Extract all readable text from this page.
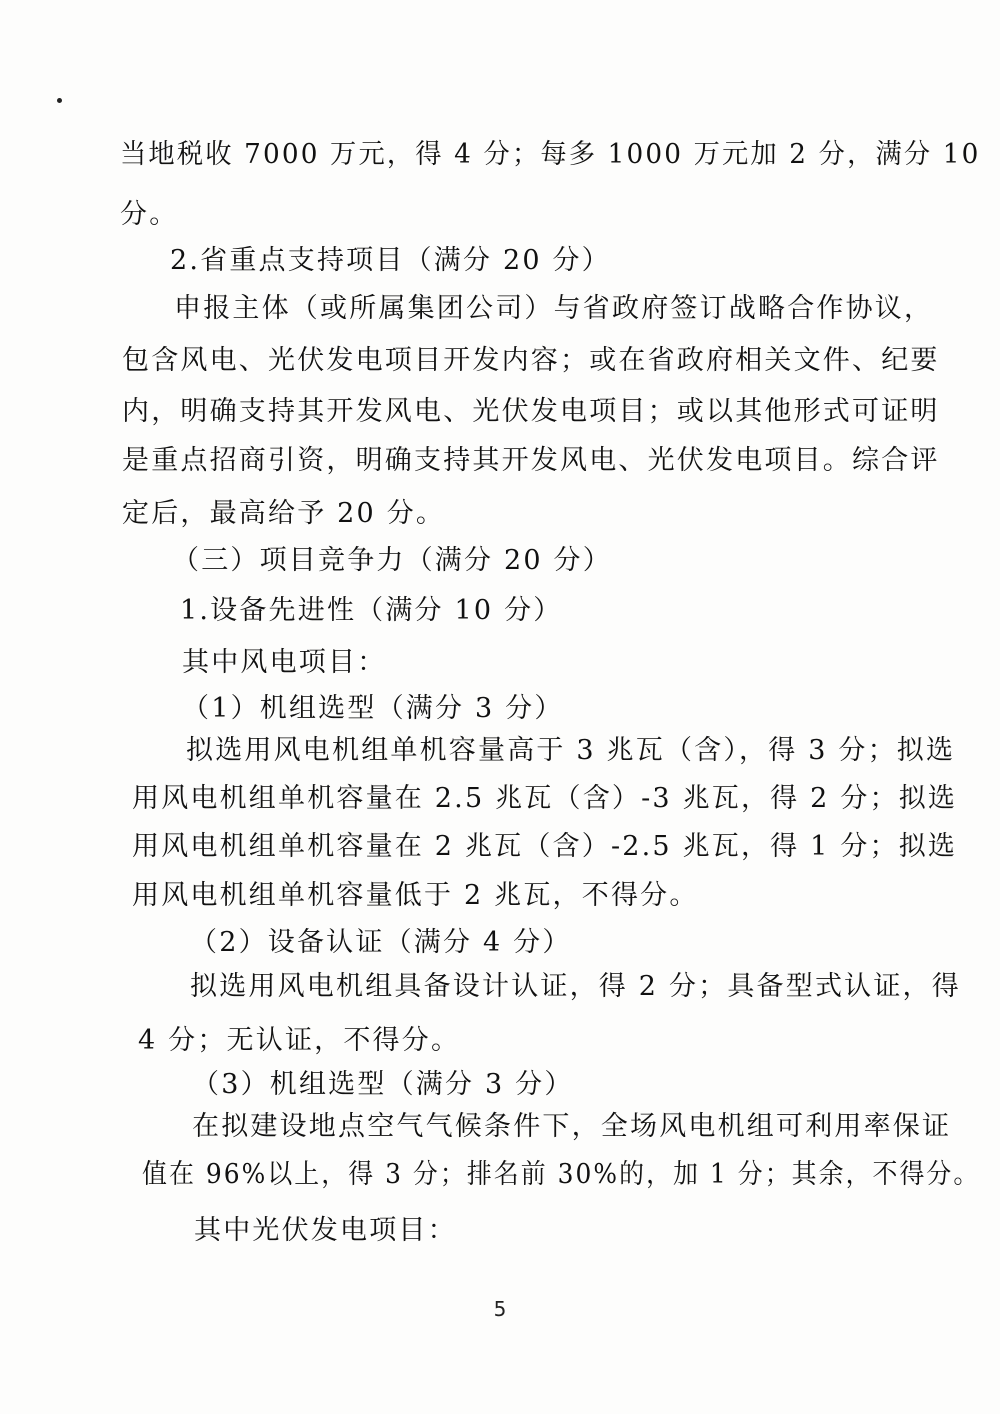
当地税收 7000 万元，得 4 分；每多 1000 万元加 2 分，满分 10
分。
2.省重点支持项目（满分 20 分）
申报主体（或所属集团公司）与省政府签订战略合作协议，
包含风电、光伏发电项目开发内容；或在省政府相关文件、纪要
内，明确支持其开发风电、光伏发电项目；或以其他形式可证明
是重点招商引资，明确支持其开发风电、光伏发电项目。综合评
定后，最高给予 20 分。
（三）项目竞争力（满分 20 分）
1.设备先进性（满分 10 分）
其中风电项目：
（1）机组选型（满分 3 分）
拟选用风电机组单机容量高于 3 兆瓦（含），得 3 分；拟选
用风电机组单机容量在 2.5 兆瓦（含）-3 兆瓦，得 2 分；拟选
用风电机组单机容量在 2 兆瓦（含）-2.5 兆瓦，得 1 分；拟选
用风电机组单机容量低于 2 兆瓦，不得分。
（2）设备认证（满分 4 分）
拟选用风电机组具备设计认证，得 2 分；具备型式认证，得
4 分；无认证，不得分。
（3）机组选型（满分 3 分）
在拟建设地点空气气候条件下，全场风电机组可利用率保证
值在 96%以上，得 3 分；排名前 30%的，加 1 分；其余，不得分。
其中光伏发电项目：
5
